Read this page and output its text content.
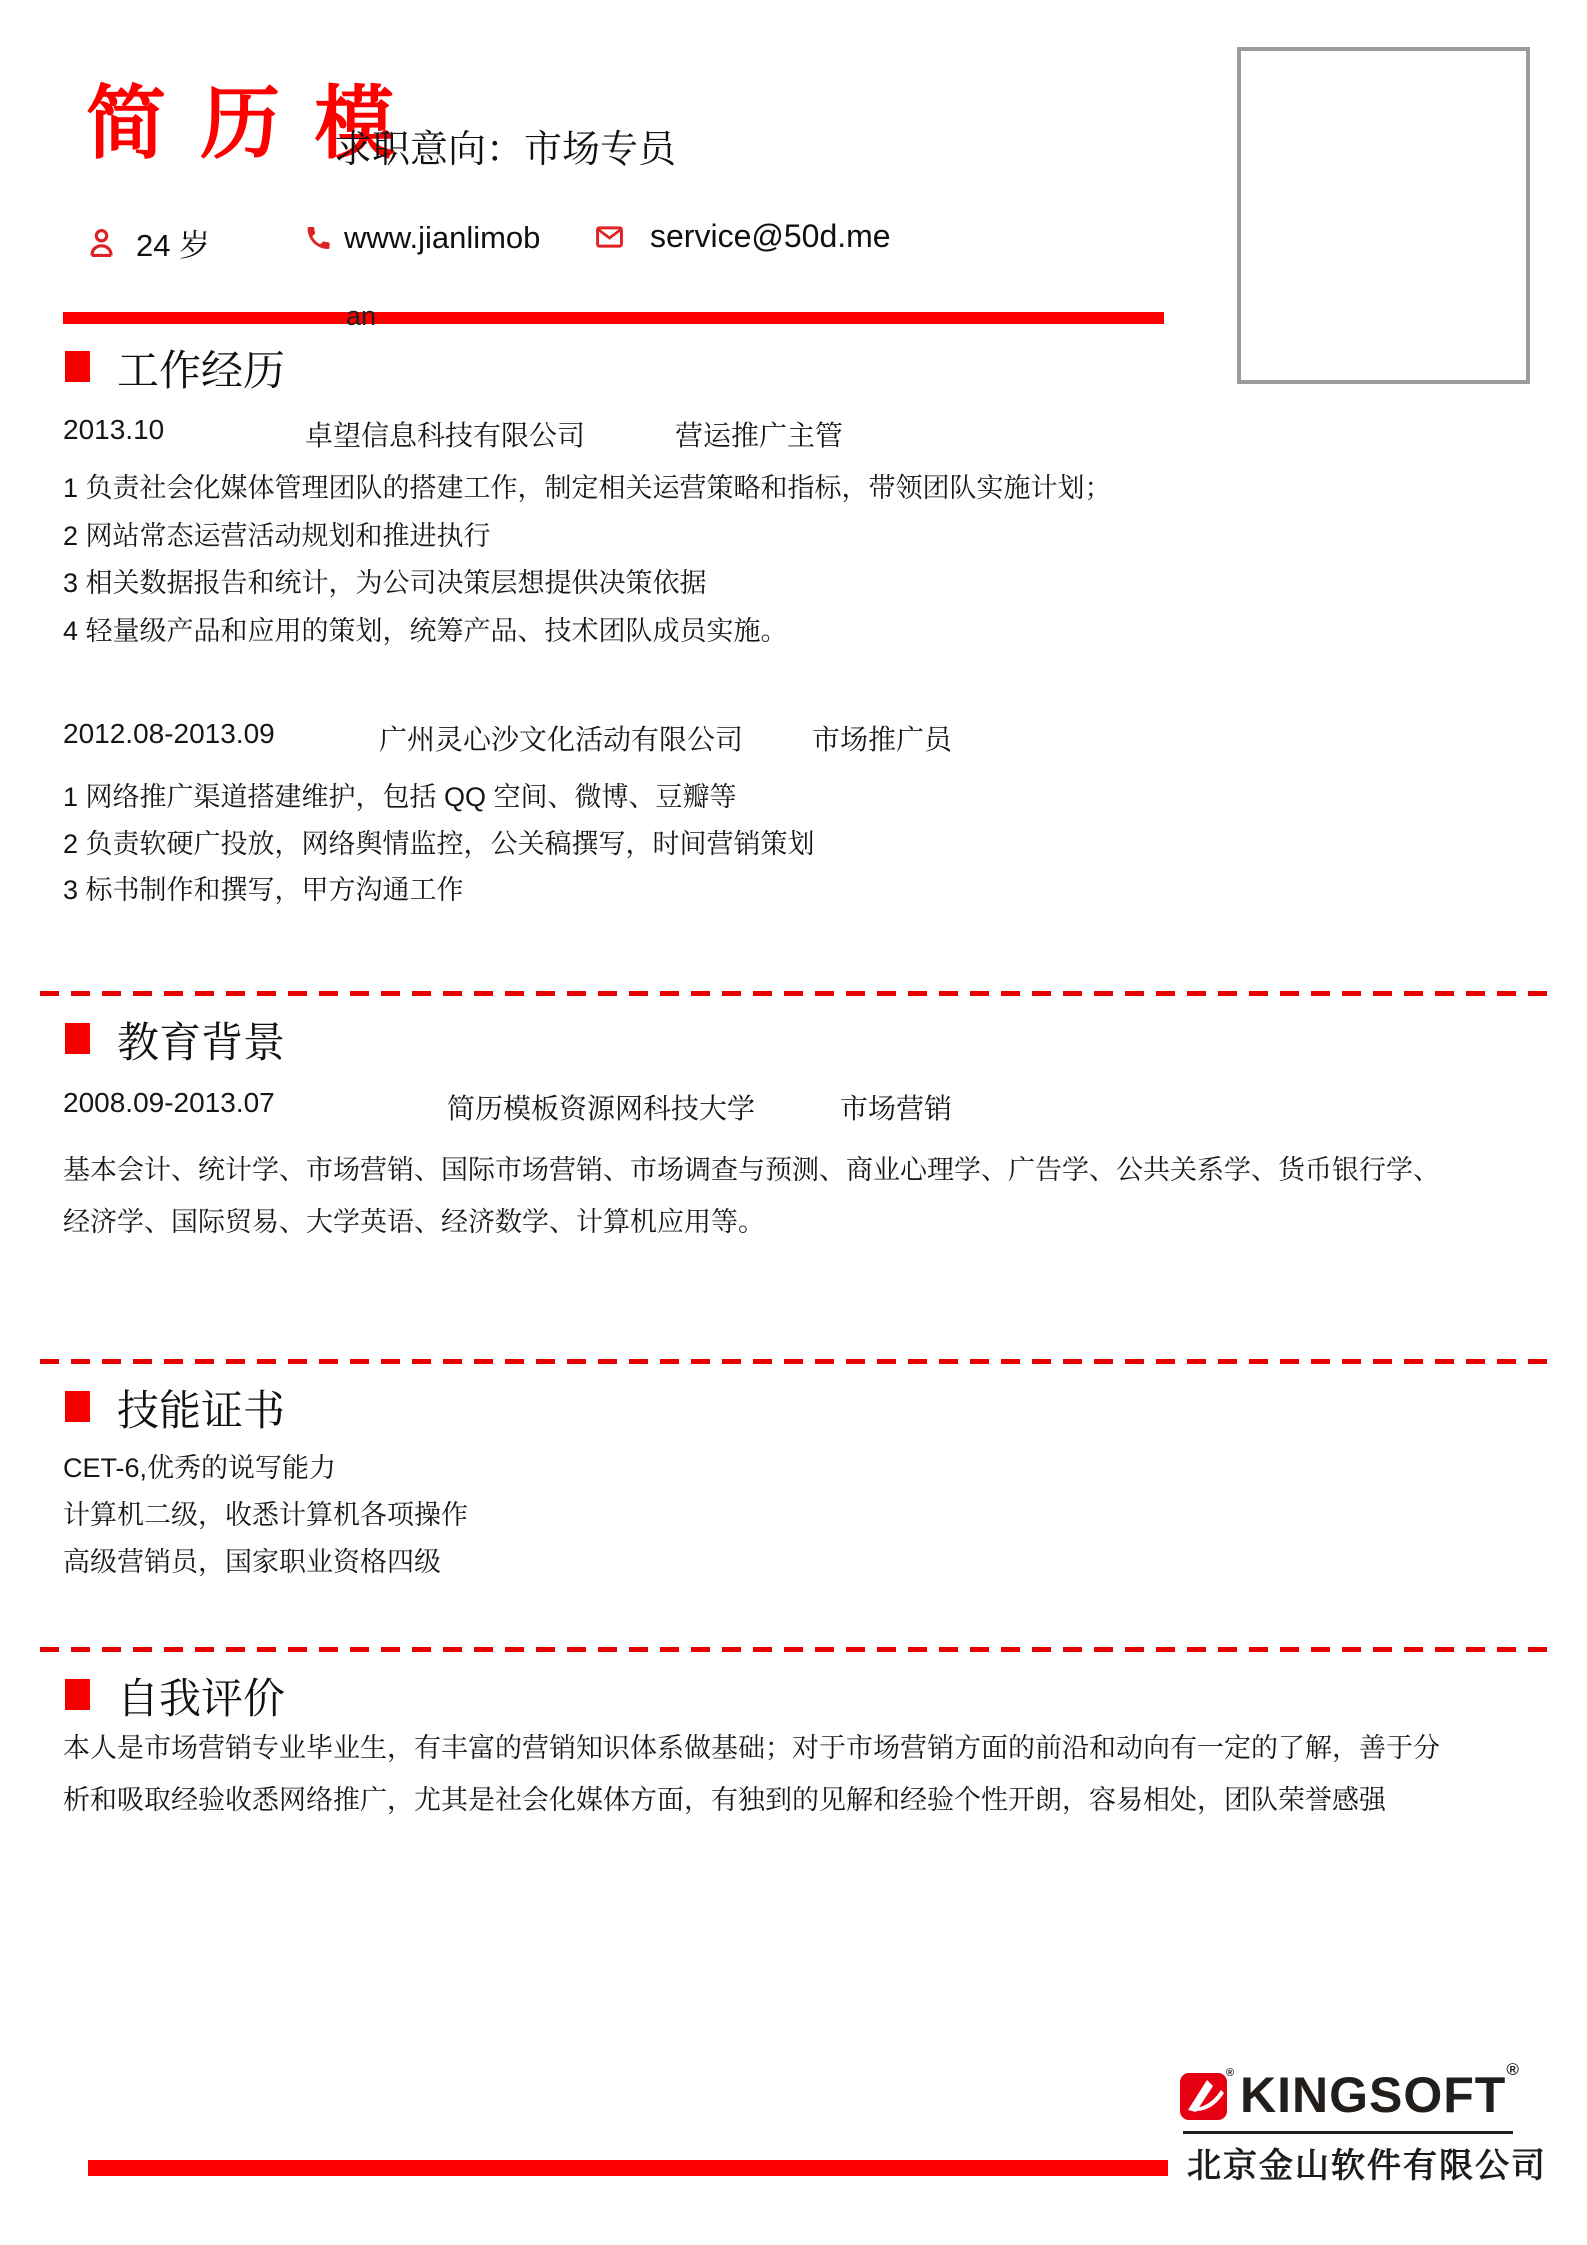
简 历 模
求职意向：市场专员
24 岁	www.jianlimob	service@50d.me
an
工作经历
2013.10	卓望信息科技有限公司	营运推广主管
1 负责社会化媒体管理团队的搭建工作，制定相关运营策略和指标，带领团队实施计划；
2 网站常态运营活动规划和推进执行
3 相关数据报告和统计，为公司决策层想提供决策依据
4 轻量级产品和应用的策划，统筹产品、技术团队成员实施。
2012.08-2013.09	广州灵心沙文化活动有限公司 市场推广员
1 网络推广渠道搭建维护，包括 QQ 空间、微博、豆瓣等
2 负责软硬广投放，网络舆情监控，公关稿撰写，时间营销策划
3 标书制作和撰写，甲方沟通工作
教育背景
2008.09-2013.07	简历模板资源网科技大学	市场营销
基本会计、统计学、市场营销、国际市场营销、市场调查与预测、商业心理学、广告学、公共关系学、货币银行学、
经济学、国际贸易、大学英语、经济数学、计算机应用等。
技能证书
CET-6,优秀的说写能力
计算机二级，收悉计算机各项操作
高级营销员，国家职业资格四级
自我评价
本人是市场营销专业毕业生，有丰富的营销知识体系做基础；对于市场营销方面的前沿和动向有一定的了解，善于分
析和吸取经验收悉网络推广，尤其是社会化媒体方面，有独到的见解和经验个性开朗，容易相处，团队荣誉感强
® KINGSOFT®
北京金山软件有限公司
